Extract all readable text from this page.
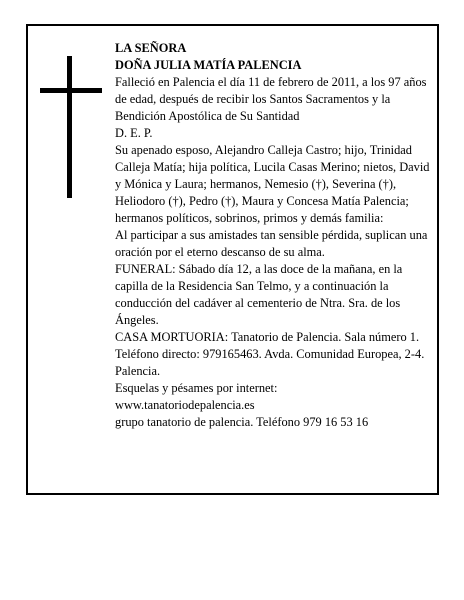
LA SEÑORA

DOÑA JULIA MATÍA PALENCIA

Falleció en Palencia el día 11 de febrero de 2011, a los 97 años de edad, después de recibir los Santos Sacramentos y la Bendición Apostólica de Su Santidad

D. E. P.

Su apenado esposo, Alejandro Calleja Castro; hijo, Trinidad Calleja Matía; hija política, Lucila Casas Merino; nietos, David y Mónica y Laura; hermanos, Nemesio (†), Severina (†), Heliodoro (†), Pedro (†), Maura y Concesa Matía Palencia; hermanos políticos, sobrinos, primos y demás familia:

Al participar a sus amistades tan sensible pérdida, suplican una oración por el eterno descanso de su alma.

FUNERAL: Sábado día 12, a las doce de la mañana, en la capilla de la Residencia San Telmo, y a continuación la conducción del cadáver al cementerio de Ntra. Sra. de los Ángeles.

CASA MORTUORIA: Tanatorio de Palencia. Sala número 1. Teléfono directo: 979165463. Avda. Comunidad Europea, 2-4. Palencia.

Esquelas y pésames por internet:

www.tanatoriodepalencia.es

grupo tanatorio de palencia. Teléfono 979 16 53 16
